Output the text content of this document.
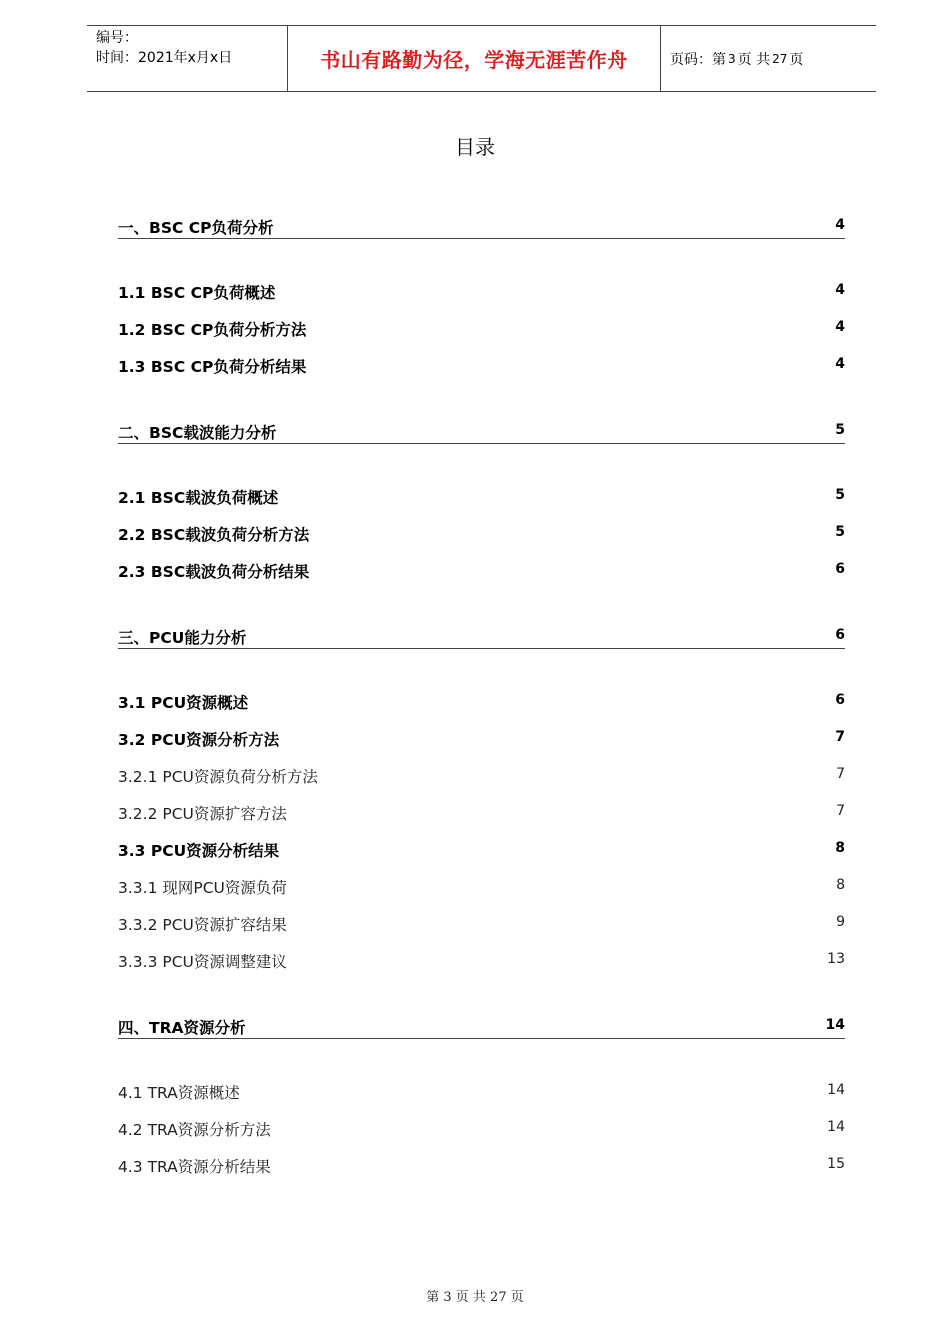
编号：
时间：2021年x月x日	书山有路勤为径，学海无涯苦作舟	页码：第 3 页 共 27 页
目录
一、BSC CP负荷分析	4
1.1 BSC CP负荷概述	4
1.2 BSC CP负荷分析方法	4
1.3 BSC CP负荷分析结果	4
二、BSC载波能力分析	5
2.1 BSC载波负荷概述	5
2.2 BSC载波负荷分析方法	5
2.3 BSC载波负荷分析结果	6
三、PCU能力分析	6
3.1 PCU资源概述	6
3.2 PCU资源分析方法	7
3.2.1 PCU资源负荷分析方法	7
3.2.2 PCU资源扩容方法	7
3.3 PCU资源分析结果	8
3.3.1 现网PCU资源负荷	8
3.3.2 PCU资源扩容结果	9
3.3.3 PCU资源调整建议	13
四、TRA资源分析	14
4.1 TRA资源概述	14
4.2 TRA资源分析方法	14
4.3 TRA资源分析结果	15
第 3 页 共 27 页
